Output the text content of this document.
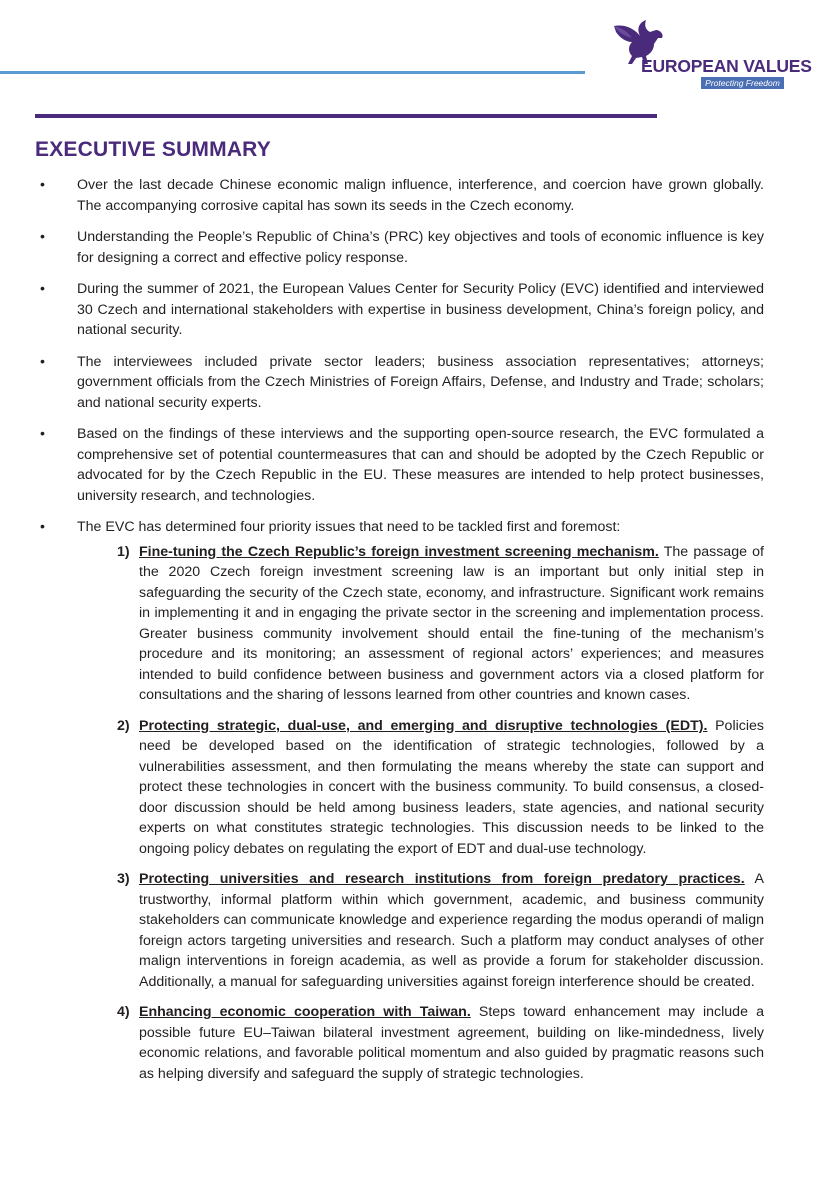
EUROPEAN VALUES
Protecting Freedom
EXECUTIVE SUMMARY
• Over the last decade Chinese economic malign influence, interference, and coercion have grown globally. The accompanying corrosive capital has sown its seeds in the Czech economy.
• Understanding the People’s Republic of China’s (PRC) key objectives and tools of economic influence is key for designing a correct and effective policy response.
• During the summer of 2021, the European Values Center for Security Policy (EVC) identified and interviewed 30 Czech and international stakeholders with expertise in business development, China’s foreign policy, and national security.
• The interviewees included private sector leaders; business association representatives; attorneys; government officials from the Czech Ministries of Foreign Affairs, Defense, and Industry and Trade; scholars; and national security experts.
• Based on the findings of these interviews and the supporting open-source research, the EVC formulated a comprehensive set of potential countermeasures that can and should be adopted by the Czech Republic or advocated for by the Czech Republic in the EU. These measures are intended to help protect businesses, university research, and technologies.
• The EVC has determined four priority issues that need to be tackled first and foremost:
1) Fine-tuning the Czech Republic’s foreign investment screening mechanism. The passage of the 2020 Czech foreign investment screening law is an important but only initial step in safeguarding the security of the Czech state, economy, and infrastructure. Significant work remains in implementing it and in engaging the private sector in the screening and implementation process. Greater business community involvement should entail the fine-tuning of the mechanism’s procedure and its monitoring; an assessment of regional actors’ experiences; and measures intended to build confidence between business and government actors via a closed platform for consultations and the sharing of lessons learned from other countries and known cases.
2) Protecting strategic, dual-use, and emerging and disruptive technologies (EDT). Policies need be developed based on the identification of strategic technologies, followed by a vulnerabilities assessment, and then formulating the means whereby the state can support and protect these technologies in concert with the business community. To build consensus, a closed-door discussion should be held among business leaders, state agencies, and national security experts on what constitutes strategic technologies. This discussion needs to be linked to the ongoing policy debates on regulating the export of EDT and dual-use technology.
3) Protecting universities and research institutions from foreign predatory practices. A trustworthy, informal platform within which government, academic, and business community stakeholders can communicate knowledge and experience regarding the modus operandi of malign foreign actors targeting universities and research. Such a platform may conduct analyses of other malign interventions in foreign academia, as well as provide a forum for stakeholder discussion. Additionally, a manual for safeguarding universities against foreign interference should be created.
4) Enhancing economic cooperation with Taiwan. Steps toward enhancement may include a possible future EU–Taiwan bilateral investment agreement, building on like-mindedness, lively economic relations, and favorable political momentum and also guided by pragmatic reasons such as helping diversify and safeguard the supply of strategic technologies.
